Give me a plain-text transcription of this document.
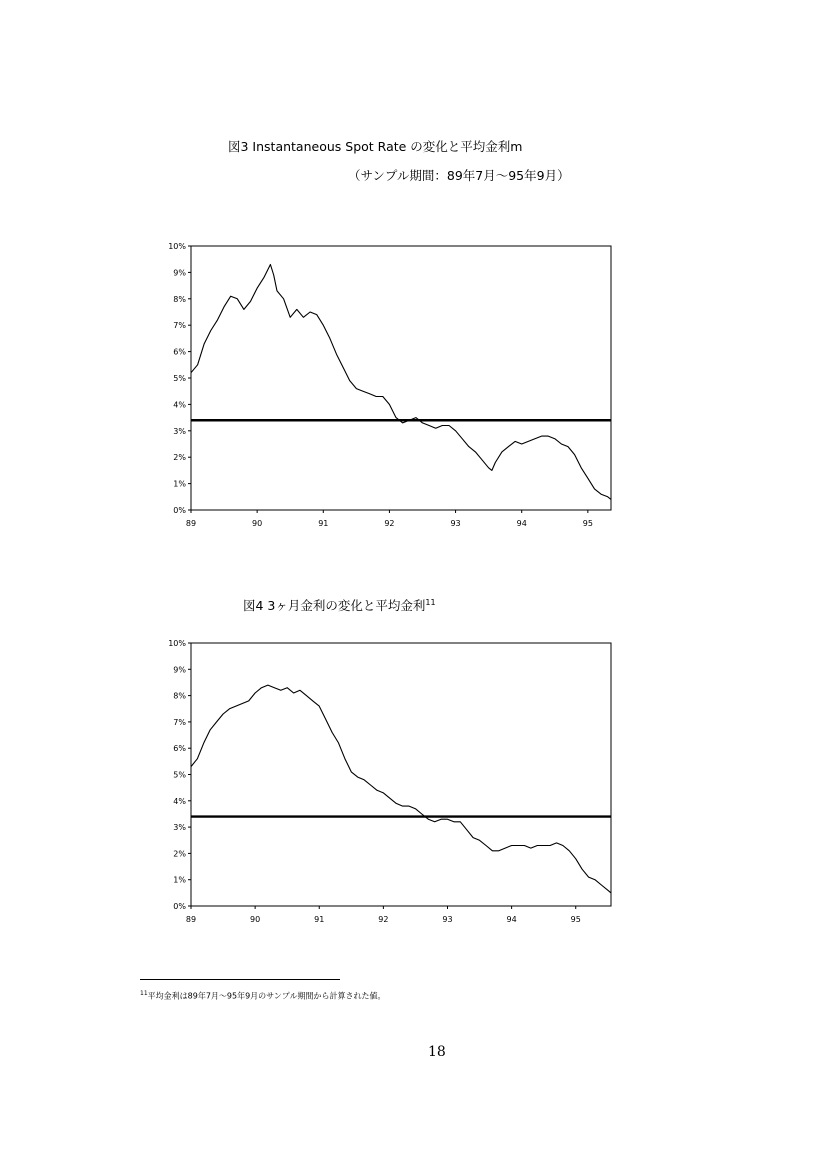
図3 Instantaneous Spot Rate の変化と平均金利m
（サンプル期間：89年7月～95年9月）
0%
1%
2%
3%
4%
5%
6%
7%
8%
9%
10%
89	90	91	92	93	94	95
図4 3ヶ月金利の変化と平均金利$^{11}$
0%
1%
2%
3%
4%
5%
6%
7%
8%
9%
10%
89	90	91	92	93	94	95
$^{11}$平均金利は89年7月～95年9月のサンプル期間から計算された値。
18
